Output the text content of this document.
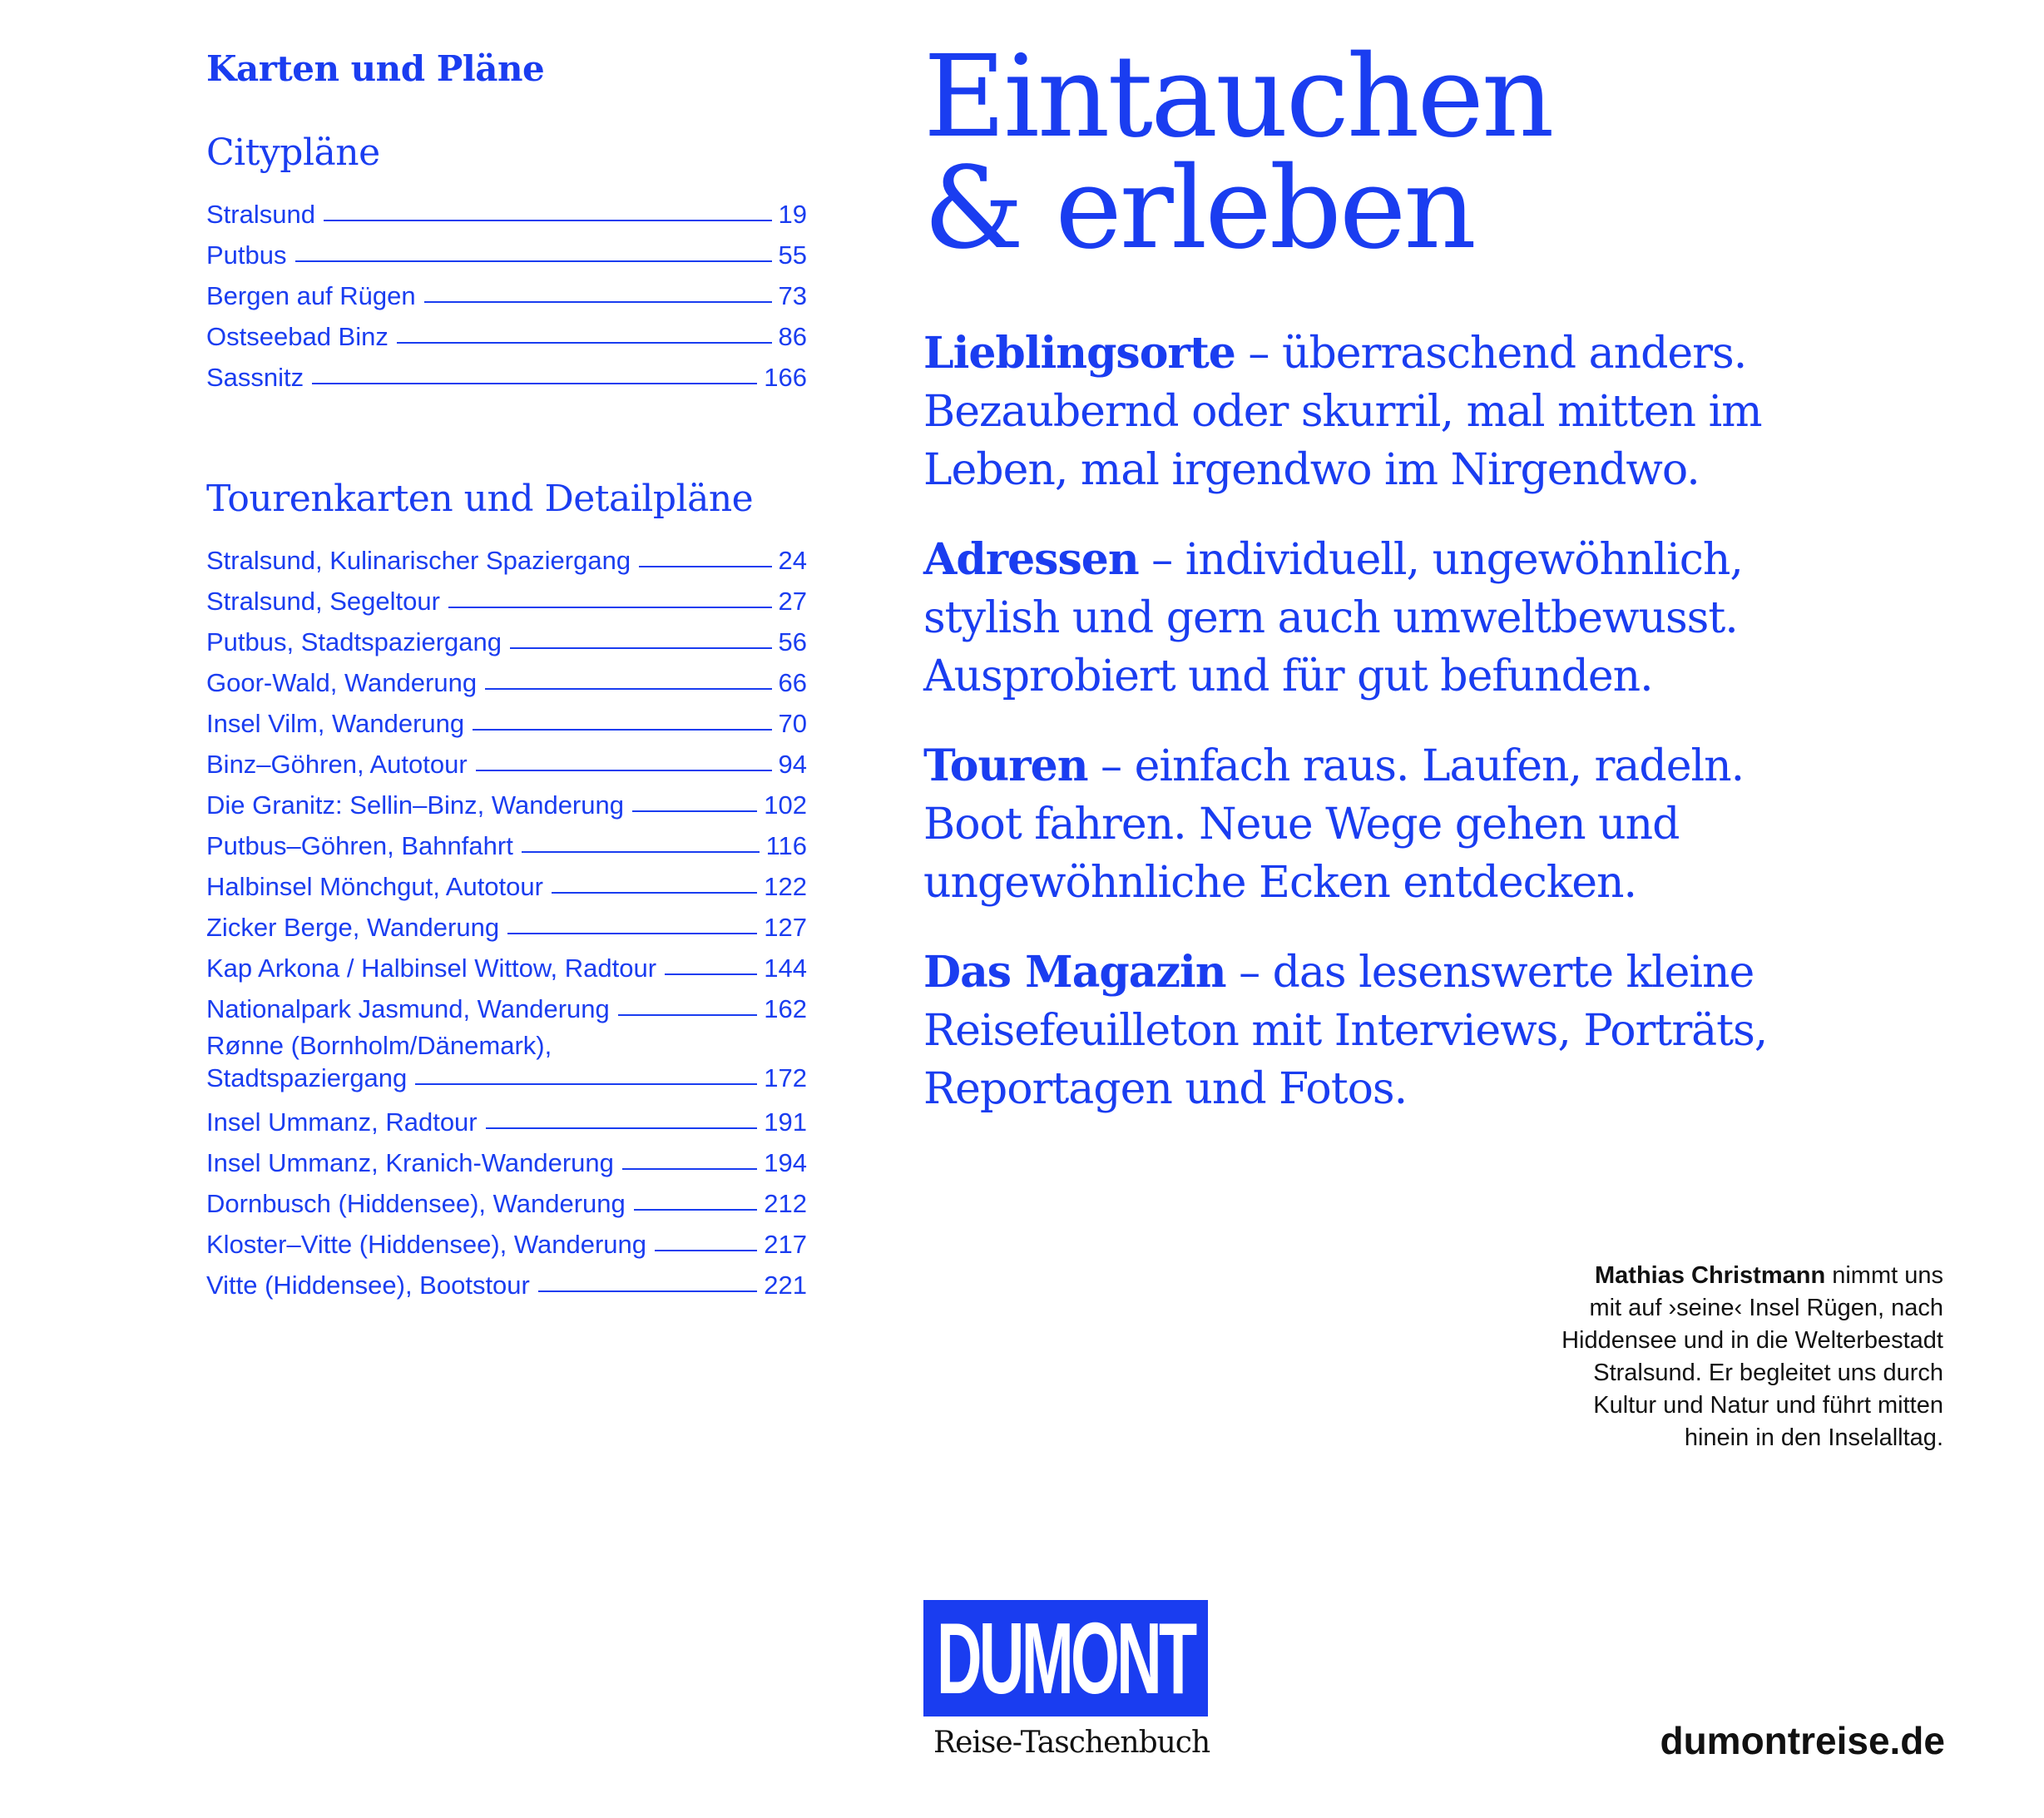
Karten und Pläne
Citypläne
Stralsund	19
Putbus	55
Bergen auf Rügen	73
Ostseebad Binz	86
Sassnitz	166
Tourenkarten und Detailpläne
Stralsund, Kulinarischer Spaziergang	24
Stralsund, Segeltour	27
Putbus, Stadtspaziergang	56
Goor-Wald, Wanderung	66
Insel Vilm, Wanderung	70
Binz–Göhren, Autotour	94
Die Granitz: Sellin–Binz, Wanderung	102
Putbus–Göhren, Bahnfahrt	116
Halbinsel Mönchgut, Autotour	122
Zicker Berge, Wanderung	127
Kap Arkona / Halbinsel Wittow, Radtour	144
Nationalpark Jasmund, Wanderung	162
Rønne (Bornholm/Dänemark),
Stadtspaziergang	172
Insel Ummanz, Radtour	191
Insel Ummanz, Kranich-Wanderung	194
Dornbusch (Hiddensee), Wanderung	212
Kloster–Vitte (Hiddensee), Wanderung	217
Vitte (Hiddensee), Bootstour	221
Eintauchen
& erleben

Lieblingsorte – überraschend anders.
Bezaubernd oder skurril, mal mitten im
Leben, mal irgendwo im Nirgendwo.

Adressen – individuell, ungewöhnlich,
stylish und gern auch umweltbewusst.
Ausprobiert und für gut befunden.

Touren – einfach raus. Laufen, radeln.
Boot fahren. Neue Wege gehen und
ungewöhnliche Ecken entdecken.

Das Magazin – das lesenswerte kleine
Reisefeuilleton mit Interviews, Porträts,
Reportagen und Fotos.

Mathias Christmann nimmt uns
mit auf ›seine‹ Insel Rügen, nach
Hiddensee und in die Welterbestadt
Stralsund. Er begleitet uns durch
Kultur und Natur und führt mitten
hinein in den Inselalltag.
DUMONT
Reise-Taschenbuch	dumontreise.de
